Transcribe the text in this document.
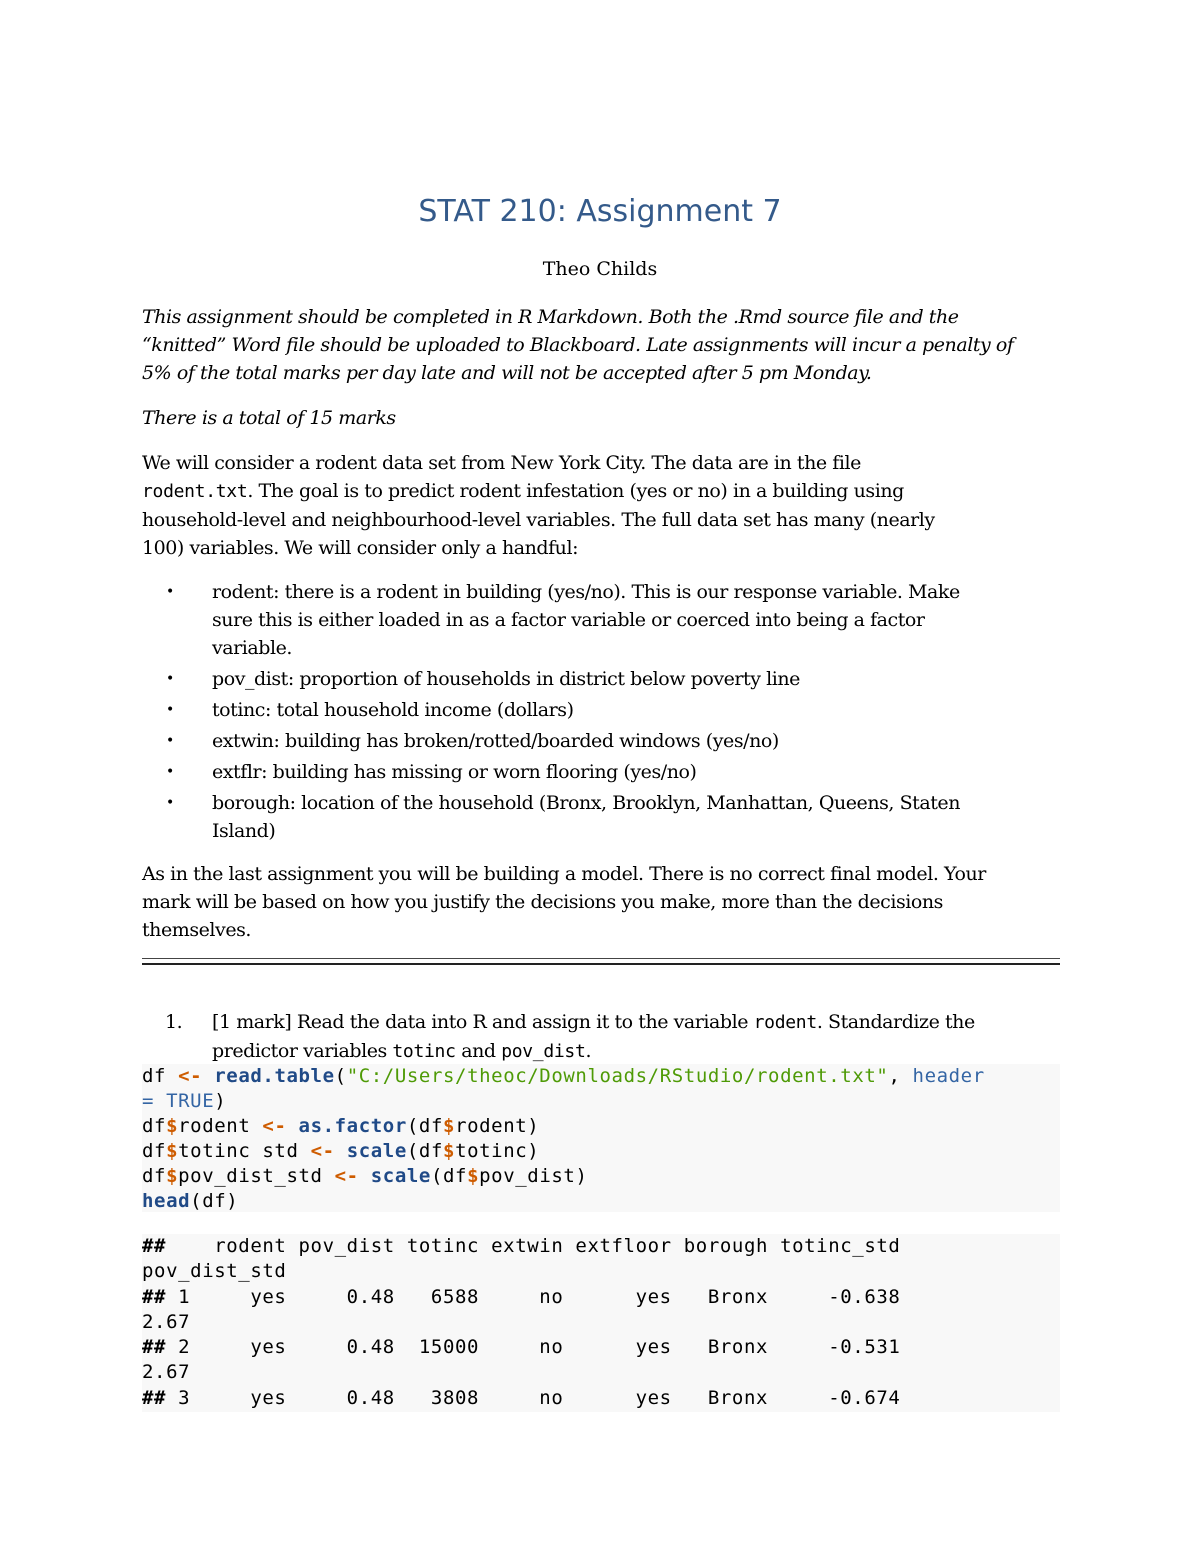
STAT 210: Assignment 7
Theo Childs
This assignment should be completed in R Markdown. Both the .Rmd source file and the
“knitted” Word file should be uploaded to Blackboard. Late assignments will incur a penalty of
5% of the total marks per day late and will not be accepted after 5 pm Monday.
There is a total of 15 marks
We will consider a rodent data set from New York City. The data are in the file
rodent.txt. The goal is to predict rodent infestation (yes or no) in a building using
household-level and neighbourhood-level variables. The full data set has many (nearly
100) variables. We will consider only a handful:
•	rodent: there is a rodent in building (yes/no). This is our response variable. Make
sure this is either loaded in as a factor variable or coerced into being a factor
variable.
•	pov_dist: proportion of households in district below poverty line
•	totinc: total household income (dollars)
•	extwin: building has broken/rotted/boarded windows (yes/no)
•	extflr: building has missing or worn flooring (yes/no)
•	borough: location of the household (Bronx, Brooklyn, Manhattan, Queens, Staten
Island)
As in the last assignment you will be building a model. There is no correct final model. Your
mark will be based on how you justify the decisions you make, more than the decisions
themselves.
1.	[1 mark] Read the data into R and assign it to the variable rodent. Standardize the
predictor variables totinc and pov_dist.
df <- read.table("C:/Users/theoc/Downloads/RStudio/rodent.txt", header
= TRUE)
df$rodent <- as.factor(df$rodent)
df$totinc std <- scale(df$totinc)
df$pov_dist_std <- scale(df$pov_dist)
head(df)
##    rodent pov_dist totinc extwin extfloor borough totinc_std
pov_dist_std
## 1     yes     0.48   6588     no      yes   Bronx     -0.638
2.67
## 2     yes     0.48  15000     no      yes   Bronx     -0.531
2.67
## 3     yes     0.48   3808     no      yes   Bronx     -0.674
